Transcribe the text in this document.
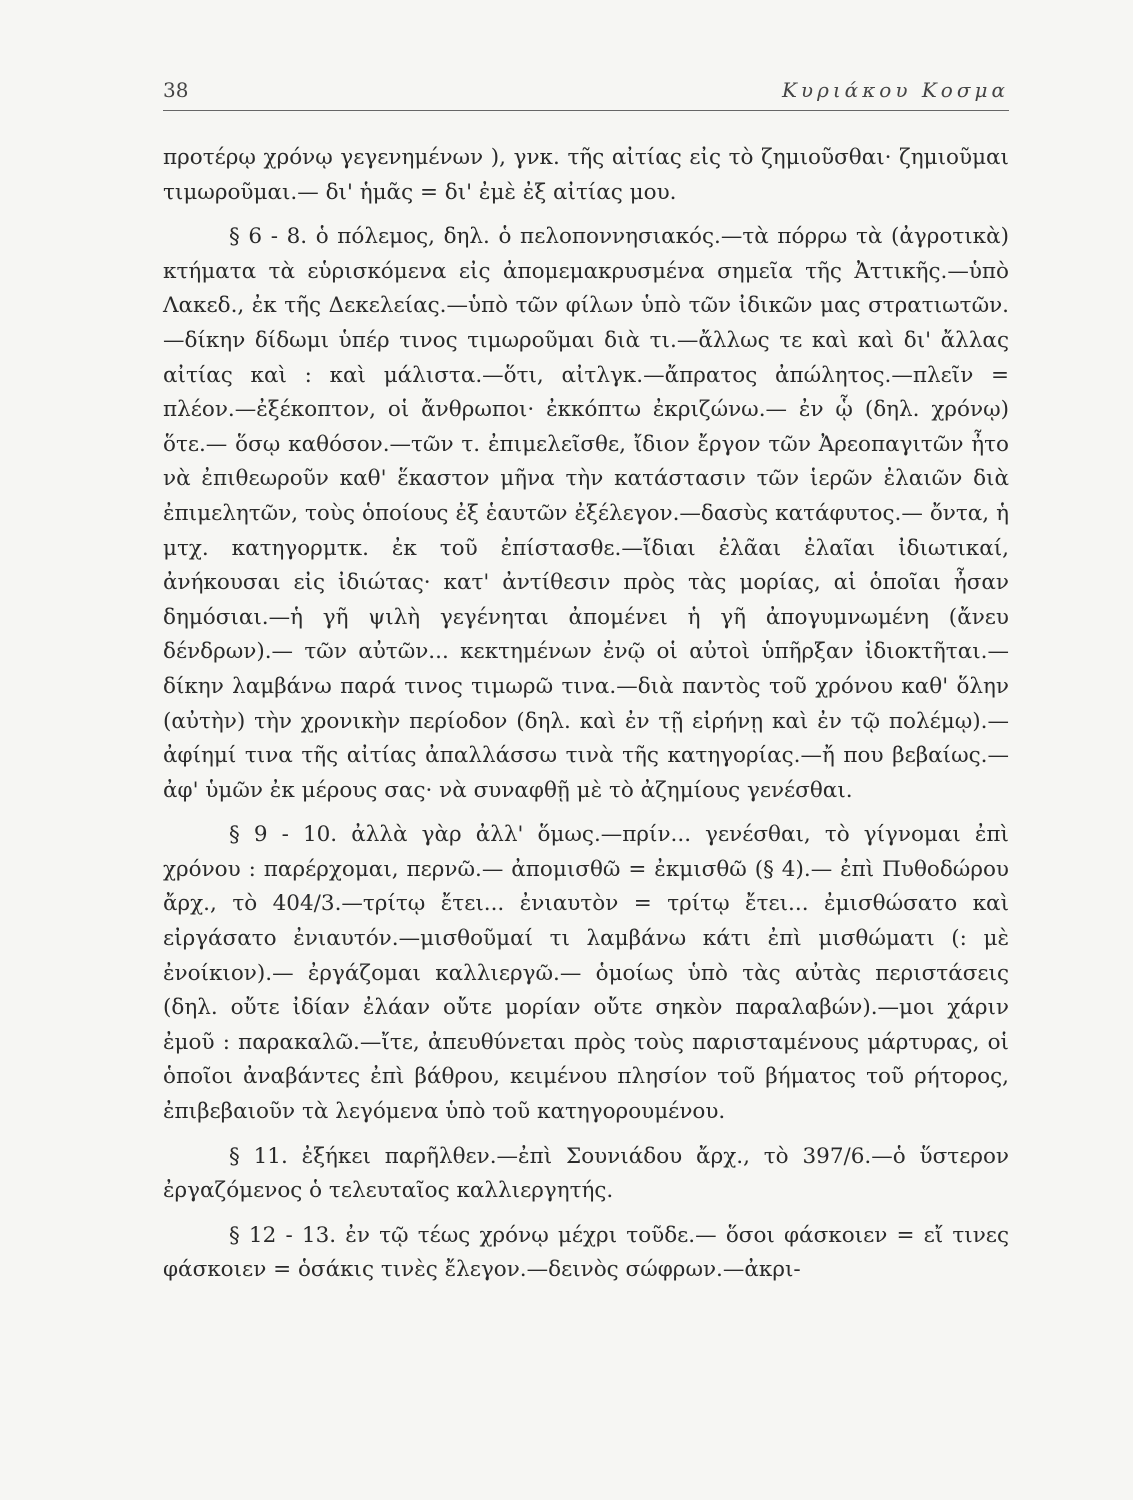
38	Κυριάκου Κοσμα

προτέρῳ χρόνῳ γεγενημένων ), γνκ. τῆς αἰτίας εἰς τὸ ζημιοῦσθαι· ζημιοῦμαι τιμωροῦμαι.— δι' ἡμᾶς = δι' ἐμὲ ἐξ αἰτίας μου.

§ 6 - 8. ὁ πόλεμος, δηλ. ὁ πελοποννησιακός.—τὰ πόρρω τὰ (ἀγροτικὰ) κτήματα τὰ εὑρισκόμενα εἰς ἀπομεμακρυσμένα σημεῖα τῆς Ἀττικῆς.—ὑπὸ Λακεδ., ἐκ τῆς Δεκελείας.—ὑπὸ τῶν φίλων ὑπὸ τῶν ἰδικῶν μας στρατιωτῶν.—δίκην δίδωμι ὑπέρ τινος τιμωροῦμαι διὰ τι.—ἄλλως τε καὶ καὶ δι' ἄλλας αἰτίας καὶ : καὶ μάλιστα.—ὅτι, αἰτλγκ.—ἄπρατος ἀπώλητος.—πλεῖν = πλέον.—ἐξέκοπτον, οἱ ἄνθρωποι· ἐκκόπτω ἐκριζώνω.— ἐν ᾧ (δηλ. χρόνῳ) ὅτε.— ὅσῳ καθόσον.—τῶν τ. ἐπιμελεῖσθε, ἴδιον ἔργον τῶν Ἀρεοπαγιτῶν ἦτο νὰ ἐπιθεωροῦν καθ' ἕκαστον μῆνα τὴν κατάστασιν τῶν ἱερῶν ἐλαιῶν διὰ ἐπιμελητῶν, τοὺς ὁποίους ἐξ ἑαυτῶν ἐξέλεγον.—δασὺς κατάφυτος.— ὄντα, ἡ μτχ. κατηγορμτκ. ἐκ τοῦ ἐπίστασθε.—ἴδιαι ἐλᾶαι ἐλαῖαι ἰδιωτικαί, ἀνήκουσαι εἰς ἰδιώτας· κατ' ἀντίθεσιν πρὸς τὰς μορίας, αἱ ὁποῖαι ἦσαν δημόσιαι.—ἡ γῆ ψιλὴ γεγένηται ἀπομένει ἡ γῆ ἀπογυμνωμένη (ἄνευ δένδρων).— τῶν αὐτῶν... κεκτημένων ἐνῷ οἱ αὐτοὶ ὑπῆρξαν ἰδιοκτῆται.—δίκην λαμβάνω παρά τινος τιμωρῶ τινα.—διὰ παντὸς τοῦ χρόνου καθ' ὅλην (αὐτὴν) τὴν χρονικὴν περίοδον (δηλ. καὶ ἐν τῇ εἰρήνῃ καὶ ἐν τῷ πολέμῳ).—ἀφίημί τινα τῆς αἰτίας ἀπαλλάσσω τινὰ τῆς κατηγορίας.—ἤ που βεβαίως.—ἀφ' ὑμῶν ἐκ μέρους σας· νὰ συναφθῇ μὲ τὸ ἀζημίους γενέσθαι.

§ 9 - 10. ἀλλὰ γὰρ ἀλλ' ὅμως.—πρίν... γενέσθαι, τὸ γίγνομαι ἐπὶ χρόνου : παρέρχομαι, περνῶ.— ἀπομισθῶ = ἐκμισθῶ (§ 4).— ἐπὶ Πυθοδώρου ἄρχ., τὸ 404/3.—τρίτῳ ἔτει... ἐνιαυτὸν = τρίτῳ ἔτει... ἐμισθώσατο καὶ εἰργάσατο ἐνιαυτόν.—μισθοῦμαί τι λαμβάνω κάτι ἐπὶ μισθώματι (: μὲ ἐνοίκιον).— ἐργάζομαι καλλιεργῶ.— ὁμοίως ὑπὸ τὰς αὐτὰς περιστάσεις (δηλ. οὔτε ἰδίαν ἐλάαν οὔτε μορίαν οὔτε σηκὸν παραλαβών).—μοι χάριν ἐμοῦ : παρακαλῶ.—ἴτε, ἀπευθύνεται πρὸς τοὺς παρισταμένους μάρτυρας, οἱ ὁποῖοι ἀναβάντες ἐπὶ βάθρου, κειμένου πλησίον τοῦ βήματος τοῦ ρήτορος, ἐπιβεβαιοῦν τὰ λεγόμενα ὑπὸ τοῦ κατηγορουμένου.

§ 11. ἐξήκει παρῆλθεν.—ἐπὶ Σουνιάδου ἄρχ., τὸ 397/6.—ὁ ὕστερον ἐργαζόμενος ὁ τελευταῖος καλλιεργητής.

§ 12 - 13. ἐν τῷ τέως χρόνῳ μέχρι τοῦδε.— ὅσοι φάσκοιεν = εἴ τινες φάσκοιεν = ὁσάκις τινὲς ἔλεγον.—δεινὸς σώφρων.—ἀκρι-
